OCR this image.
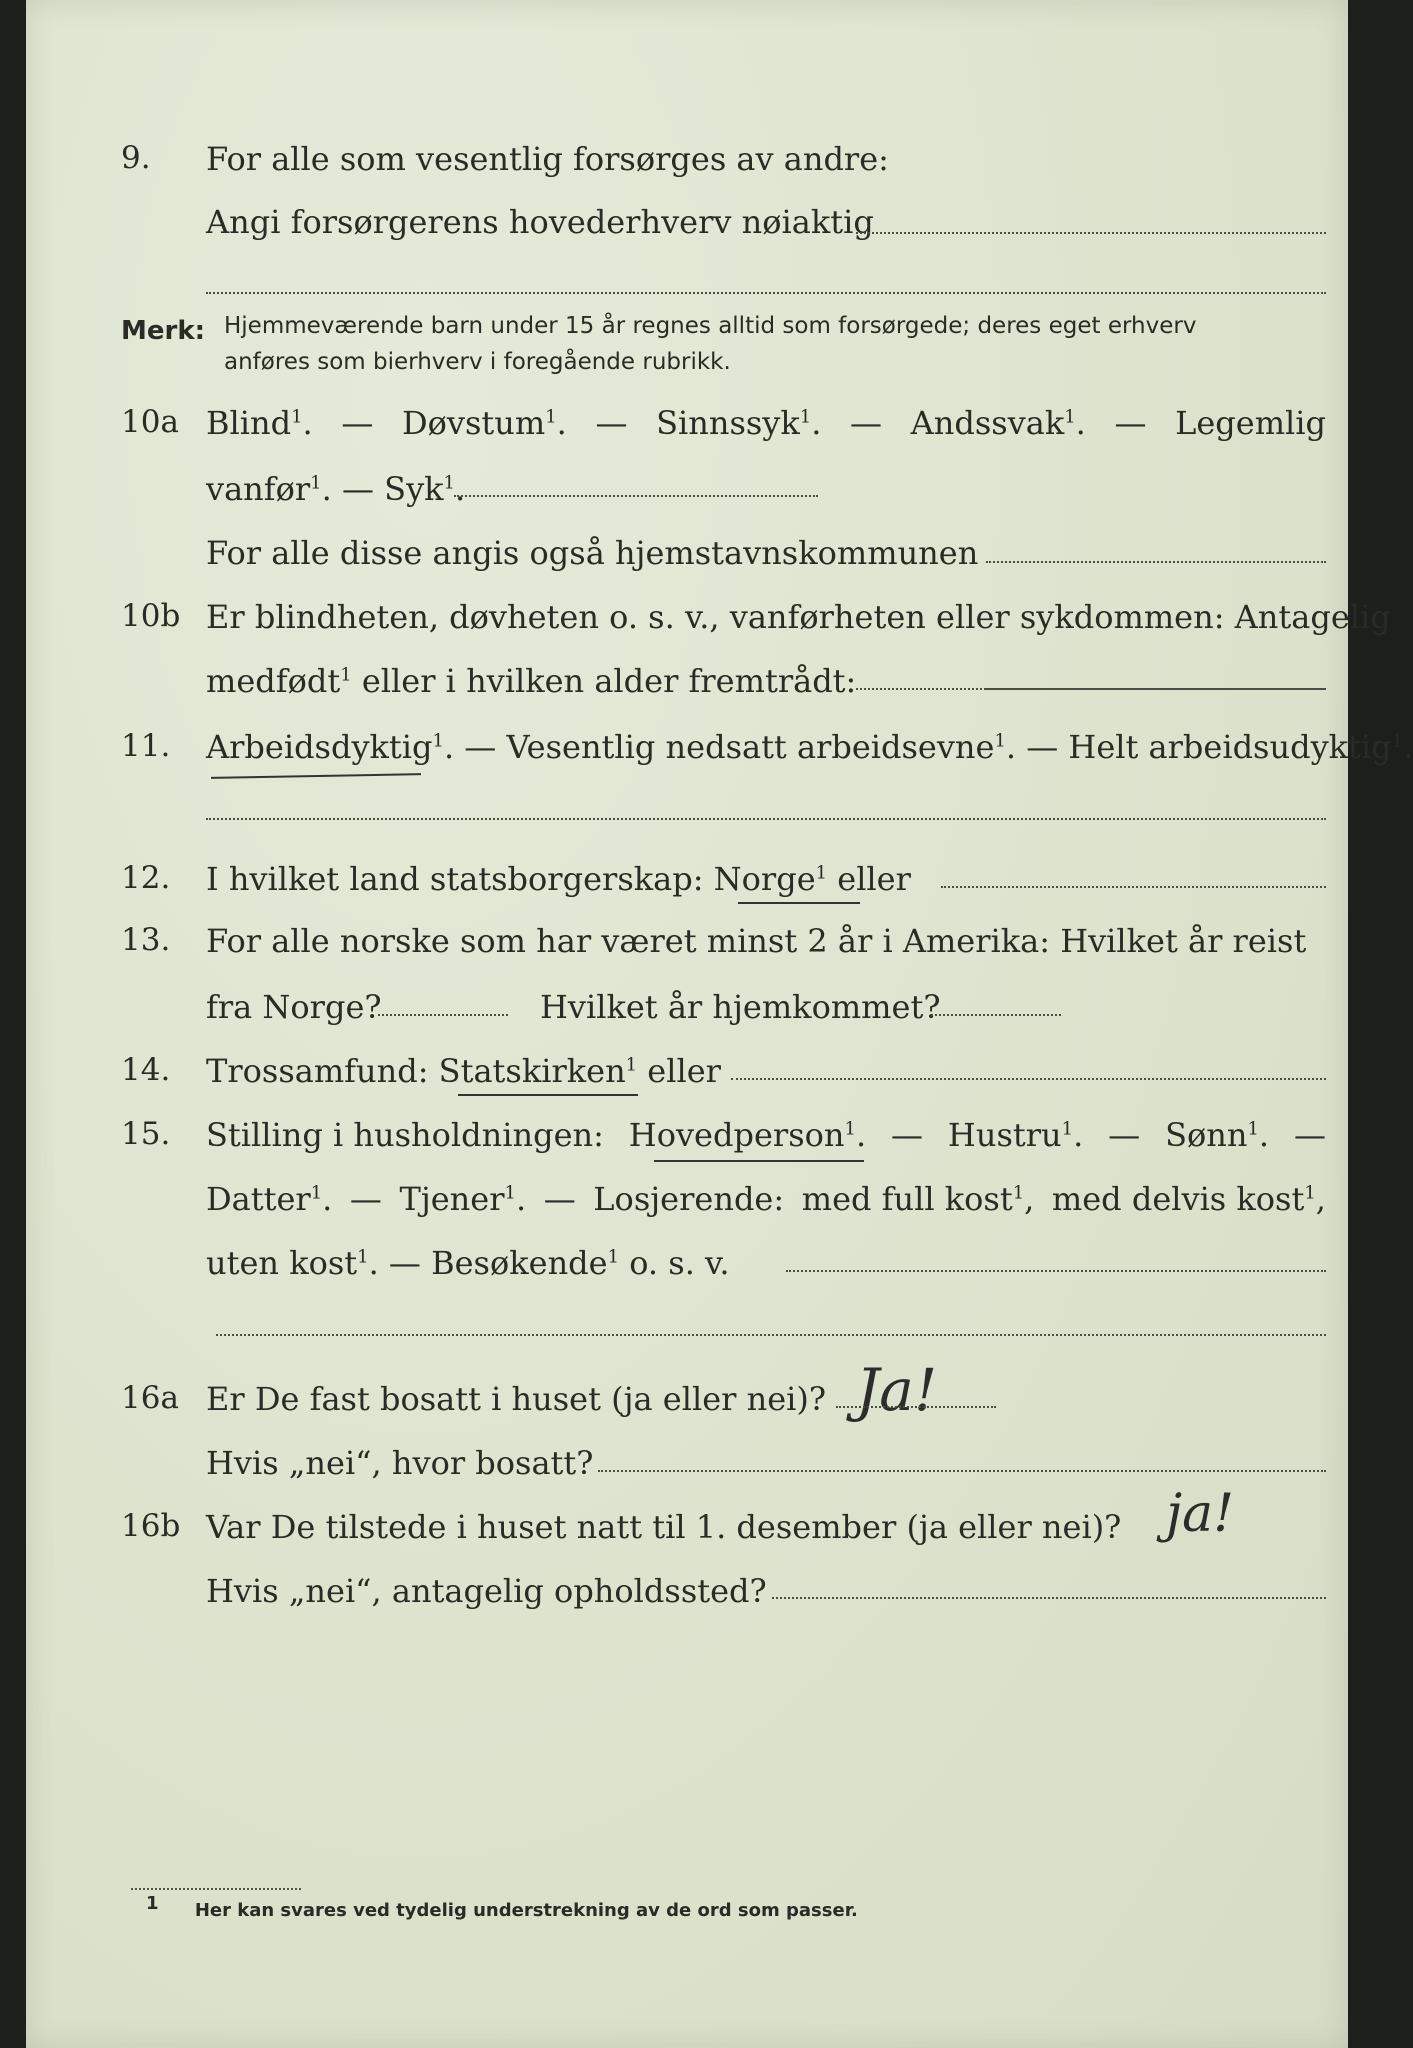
9. For alle som vesentlig forsørges av andre:
Angi forsørgerens hovederhverv nøiaktig
Merk: Hjemmeværende barn under 15 år regnes alltid som forsørgede; deres eget erhverv
anføres som bierhverv i foregående rubrikk.
10a Blind$^1$. — Døvstum$^1$. — Sinnssyk$^1$. — Andssvak$^1$. — Legemlig
vanfør$^1$. — Syk$^1$.
For alle disse angis også hjemstavnskommunen
10b Er blindheten, døvheten o. s. v., vanførheten eller sykdommen: Antagelig
medfødt$^1$ eller i hvilken alder fremtrådt:
11. Arbeidsdyktig$^1$. — Vesentlig nedsatt arbeidsevne$^1$. — Helt arbeidsudyktig$^1$.
12. I hvilket land statsborgerskap: Norge$^1$ eller
13. For alle norske som har været minst 2 år i Amerika: Hvilket år reist
fra Norge?	Hvilket år hjemkommet?
14. Trossamfund: Statskirken$^1$ eller
15. Stilling i husholdningen: Hovedperson$^1$. — Hustru$^1$. — Sønn$^1$. —
Datter$^1$. — Tjener$^1$. — Losjerende: med full kost$^1$, med delvis kost$^1$,
uten kost$^1$. — Besøkende$^1$ o. s. v.
16a Er De fast bosatt i huset (ja eller nei)? Ja!
Hvis „nei“, hvor bosatt?
16b Var De tilstede i huset natt til 1. desember (ja eller nei)? ja!
Hvis „nei“, antagelig opholdssted?
1 Her kan svares ved tydelig understrekning av de ord som passer.
